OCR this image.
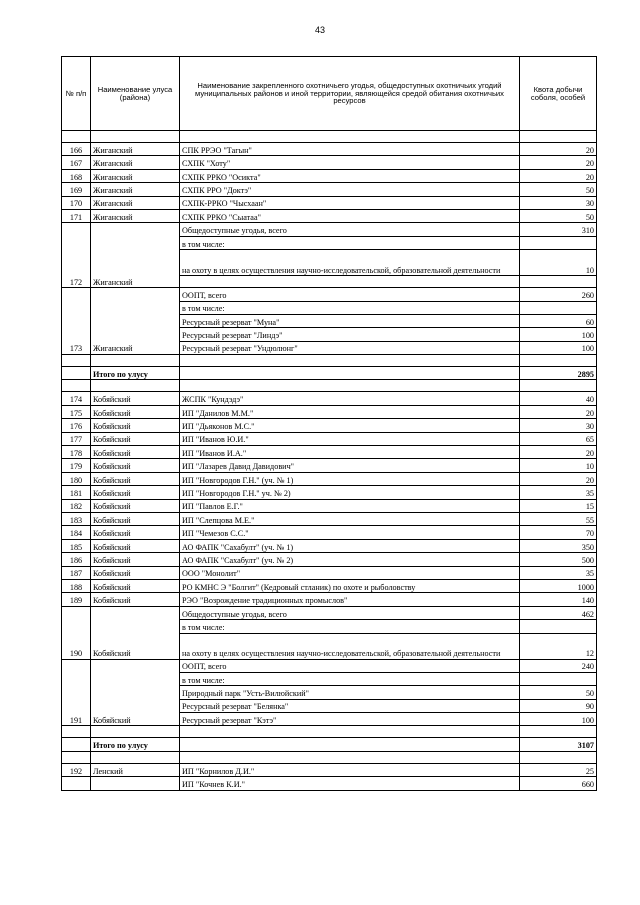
43
№ п/п	Наименование улуса (района)	Наименование закрепленного охотничьего угодья, общедоступных охотничьих угодий муниципальных районов и иной территории, являющейся средой обитания охотничьих ресурсов	Квота добычи соболя, особей

166	Жиганский	СПК РРЭО "Тагын"	20
167	Жиганский	СХПК "Хоту"	20
168	Жиганский	СХПК РРКО "Осикта"	20
169	Жиганский	СХПК РРО "Доктэ"	50
170	Жиганский	СХПК-РРКО "Чысхаан"	30
171	Жиганский	СХПК РРКО "Сыатаа"	50
172	Жиганский	Общедоступные угодья, всего	310
		в том числе:	
		на охоту в целях осуществления научно-исследовательской, образовательной деятельности	10

173	Жиганский	ООПТ, всего	260
		в том числе:	
		Ресурсный резерват "Муна"	60
		Ресурсный резерват "Линдэ"	100
		Ресурсный резерват "Ундюлюнг"	100

	Итого по улусу		2895

174	Кобяйский	ЖСПК "Кундэдэ"	40
175	Кобяйский	ИП "Данилов М.М."	20
176	Кобяйский	ИП "Дьяконов М.С."	30
177	Кобяйский	ИП "Иванов Ю.И."	65
178	Кобяйский	ИП "Иванов И.А."	20
179	Кобяйский	ИП "Лазарев Давид Давидович"	10
180	Кобяйский	ИП "Новгородов Г.Н." (уч. № 1)	20
181	Кобяйский	ИП "Новгородов Г.Н." уч. № 2)	35
182	Кобяйский	ИП "Павлов Е.Г."	15
183	Кобяйский	ИП "Слепцова М.Е."	55
184	Кобяйский	ИП "Чемезов С.С."	70
185	Кобяйский	АО ФАПК "Сахабулт" (уч. № 1)	350
186	Кобяйский	АО ФАПК "Сахабулт" (уч. № 2)	500
187	Кобяйский	ООО "Монолит"	35
188	Кобяйский	РО КМНС Э "Болгит" (Кедровый стланик) по охоте и рыболовству	1000
189	Кобяйский	РЭО "Возрождение традиционных промыслов"	140
190	Кобяйский	Общедоступные угодья, всего	462
		в том числе:	
		на охоту в целях осуществления научно-исследовательской, образовательной деятельности	12
191	Кобяйский	ООПТ, всего	240
		в том числе:	
		Природный парк "Усть-Вилюйский"	50
		Ресурсный резерват "Белянка"	90
		Ресурсный резерват "Кэтэ"	100

	Итого по улусу		3107

192	Ленский	ИП "Корнилов Д.И."	25
		ИП "Кочнев К.И."	660
